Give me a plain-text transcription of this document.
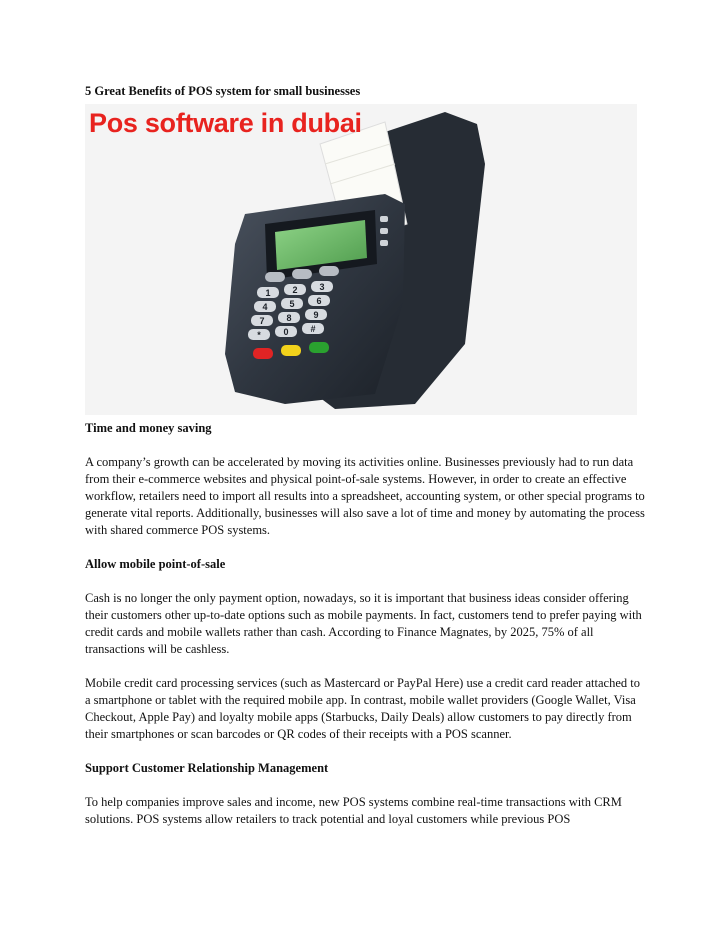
5 Great Benefits of POS system for small businesses
1 2 3
4 5 6
7 8 9
*	0 #
Pos software in dubai
Time and money saving

A company’s growth can be accelerated by moving its activities online. Businesses previously had to run data from their e-commerce websites and physical point-of-sale systems. However, in order to create an effective workflow, retailers need to import all results into a spreadsheet, accounting system, or other special programs to generate vital reports. Additionally, businesses will also save a lot of time and money by automating the process with shared commerce POS systems.

Allow mobile point-of-sale

Cash is no longer the only payment option, nowadays, so it is important that business ideas consider offering their customers other up-to-date options such as mobile payments. In fact, customers tend to prefer paying with credit cards and mobile wallets rather than cash. According to Finance Magnates, by 2025, 75% of all transactions will be cashless.

Mobile credit card processing services (such as Mastercard or PayPal Here) use a credit card reader attached to a smartphone or tablet with the required mobile app. In contrast, mobile wallet providers (Google Wallet, Visa Checkout, Apple Pay) and loyalty mobile apps (Starbucks, Daily Deals) allow customers to pay directly from their smartphones or scan barcodes or QR codes of their receipts with a POS scanner.

Support Customer Relationship Management

To help companies improve sales and income, new POS systems combine real-time transactions with CRM solutions. POS systems allow retailers to track potential and loyal customers while previous POS
